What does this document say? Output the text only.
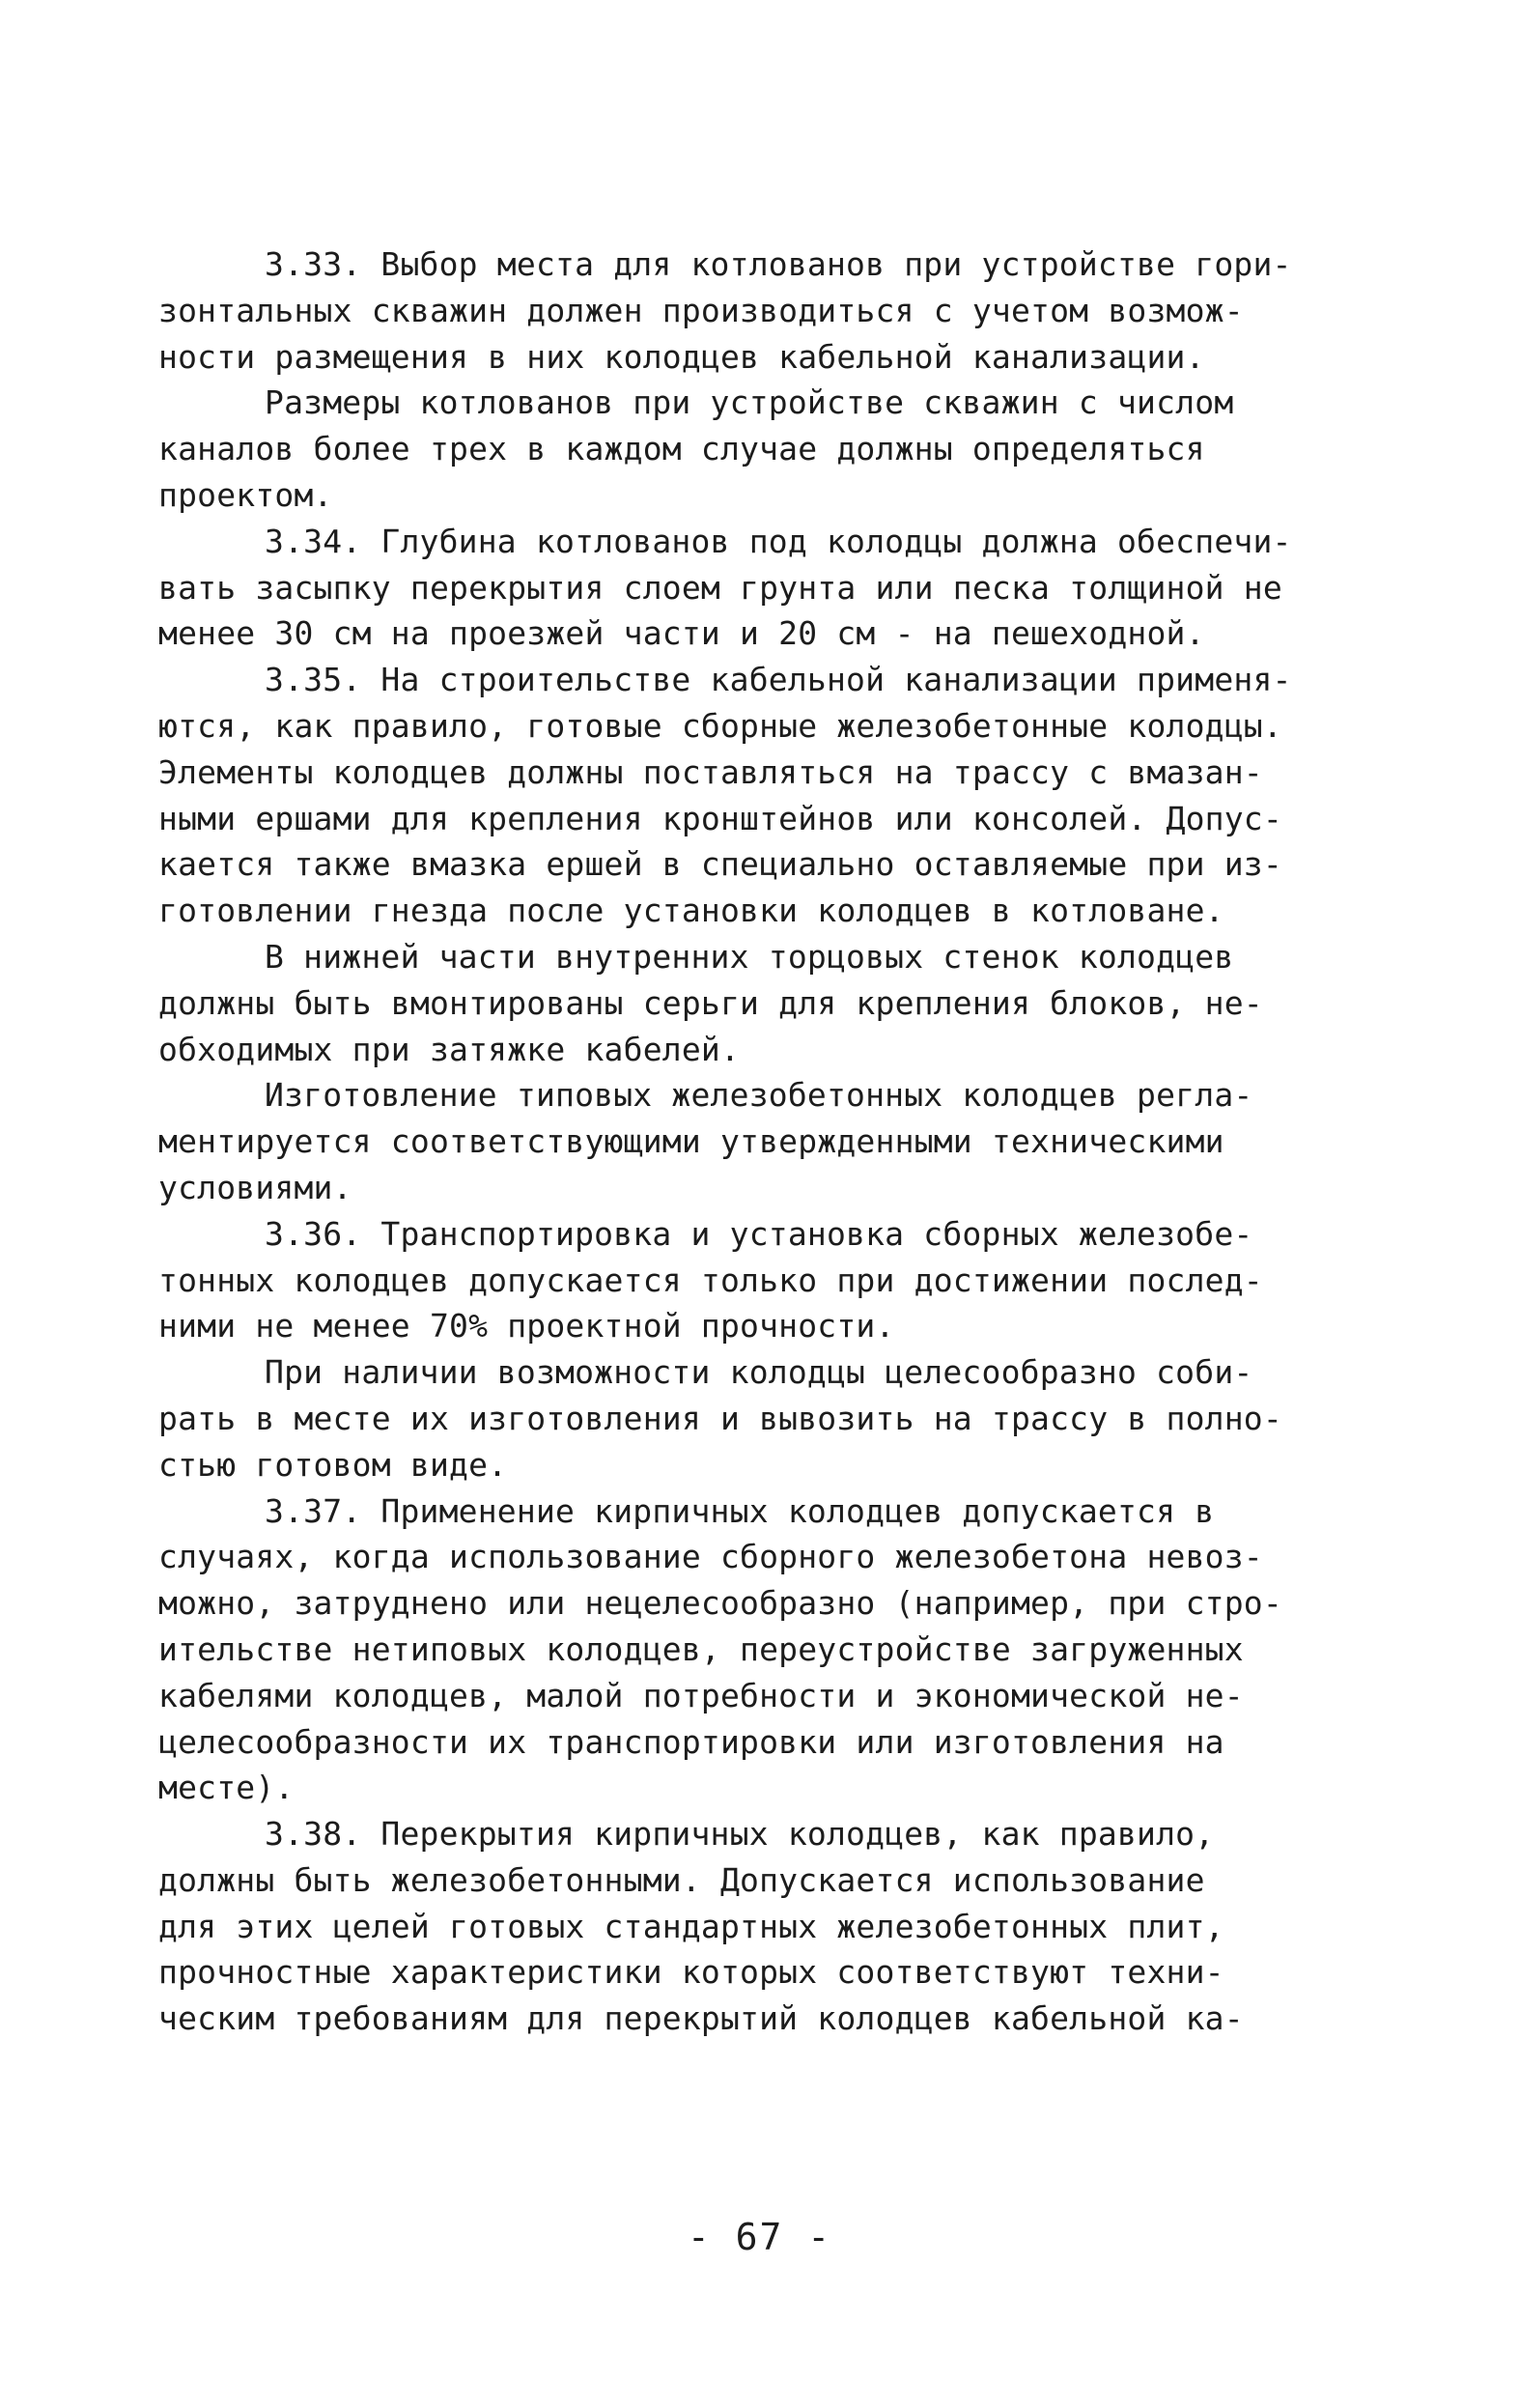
3.33. Выбор места для котлованов при устройстве гори-
зонтальных скважин должен производиться с учетом возмож-
ности размещения в них колодцев кабельной канализации.
Размеры котлованов при устройстве скважин с числом
каналов более трех в каждом случае должны определяться
проектом.
3.34. Глубина котлованов под колодцы должна обеспечи-
вать засыпку перекрытия слоем грунта или песка толщиной не
менее 30 см на проезжей части и 20 см - на пешеходной.
3.35. На строительстве кабельной канализации применя-
ются, как правило, готовые сборные железобетонные колодцы.
Элементы колодцев должны поставляться на трассу с вмазан-
ными ершами для крепления кронштейнов или консолей. Допус-
кается также вмазка ершей в специально оставляемые при из-
готовлении гнезда после установки колодцев в котловане.
В нижней части внутренних торцовых стенок колодцев
должны быть вмонтированы серьги для крепления блоков, не-
обходимых при затяжке кабелей.
Изготовление типовых железобетонных колодцев регла-
ментируется соответствующими утвержденными техническими
условиями.
3.36. Транспортировка и установка сборных железобе-
тонных колодцев допускается только при достижении послед-
ними не менее 70% проектной прочности.
При наличии возможности колодцы целесообразно соби-
рать в месте их изготовления и вывозить на трассу в полно-
стью готовом виде.
3.37. Применение кирпичных колодцев допускается в
случаях, когда использование сборного железобетона невоз-
можно, затруднено или нецелесообразно (например, при стро-
ительстве нетиповых колодцев, переустройстве загруженных
кабелями колодцев, малой потребности и экономической не-
целесообразности их транспортировки или изготовления на
месте).
3.38. Перекрытия кирпичных колодцев, как правило,
должны быть железобетонными. Допускается использование
для этих целей готовых стандартных железобетонных плит,
прочностные характеристики которых соответствуют техни-
ческим требованиям для перекрытий колодцев кабельной ка-
- 67 -
